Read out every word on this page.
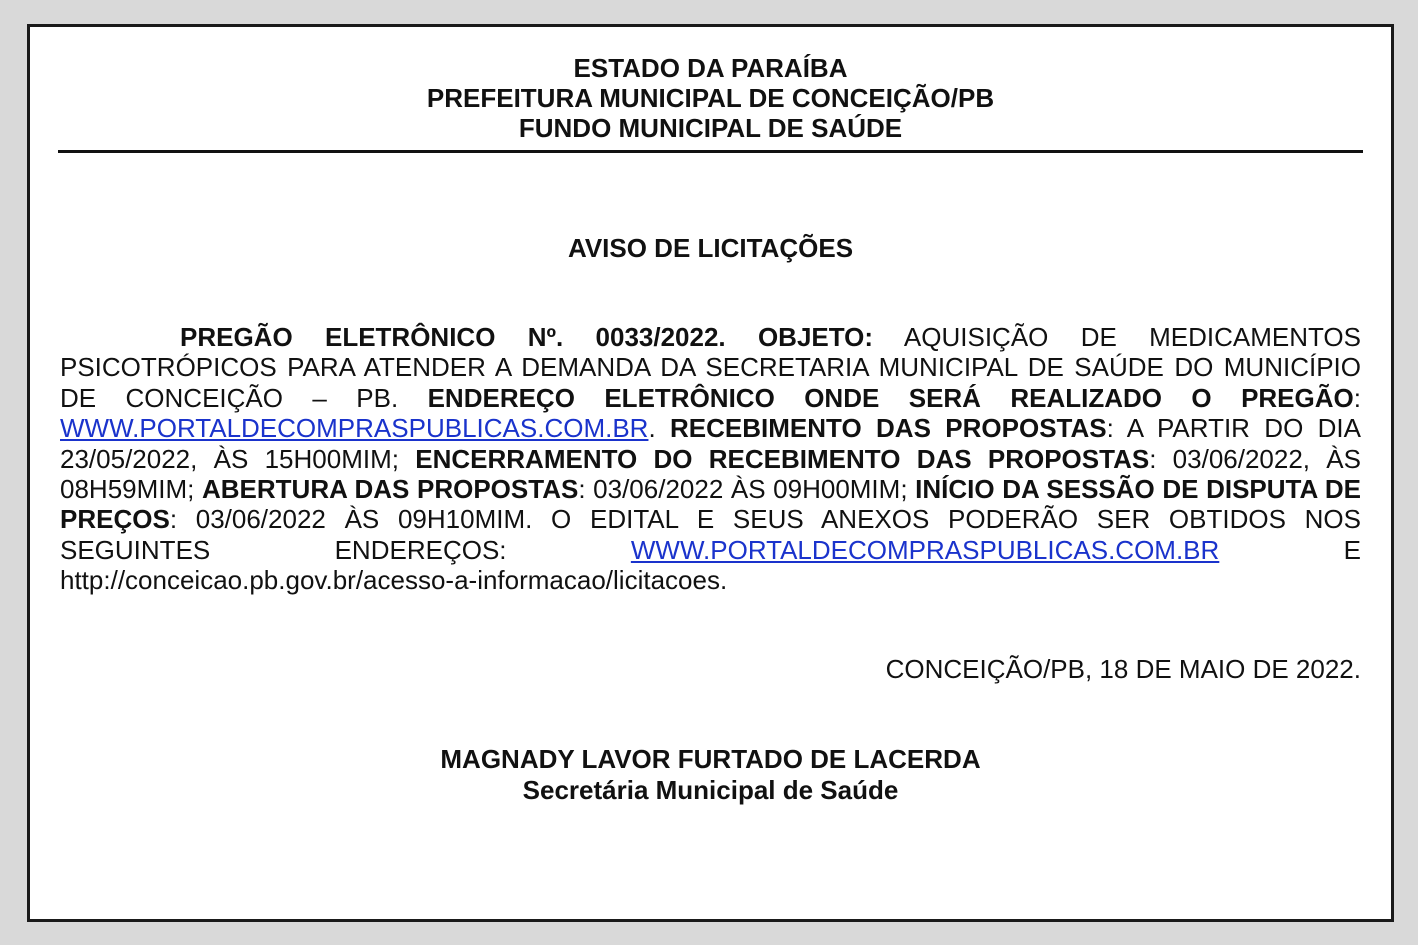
ESTADO DA PARAÍBA
PREFEITURA MUNICIPAL DE CONCEIÇÃO/PB
FUNDO MUNICIPAL DE SAÚDE
AVISO DE LICITAÇÕES
PREGÃO ELETRÔNICO Nº. 0033/2022. OBJETO: AQUISIÇÃO DE MEDICAMENTOS PSICOTRÓPICOS PARA ATENDER A DEMANDA DA SECRETARIA MUNICIPAL DE SAÚDE DO MUNICÍPIO DE CONCEIÇÃO – PB. ENDEREÇO ELETRÔNICO ONDE SERÁ REALIZADO O PREGÃO: WWW.PORTALDECOMPRASPUBLICAS.COM.BR. RECEBIMENTO DAS PROPOSTAS: A PARTIR DO DIA 23/05/2022, ÀS 15H00MIM; ENCERRAMENTO DO RECEBIMENTO DAS PROPOSTAS: 03/06/2022, ÀS 08H59MIM; ABERTURA DAS PROPOSTAS: 03/06/2022 ÀS 09H00MIM; INÍCIO DA SESSÃO DE DISPUTA DE PREÇOS: 03/06/2022 ÀS 09H10MIM. O EDITAL E SEUS ANEXOS PODERÃO SER OBTIDOS NOS SEGUINTES ENDEREÇOS: WWW.PORTALDECOMPRASPUBLICAS.COM.BR E http://conceicao.pb.gov.br/acesso-a-informacao/licitacoes.
CONCEIÇÃO/PB, 18 DE MAIO DE 2022.
MAGNADY LAVOR FURTADO DE LACERDA
Secretária Municipal de Saúde
